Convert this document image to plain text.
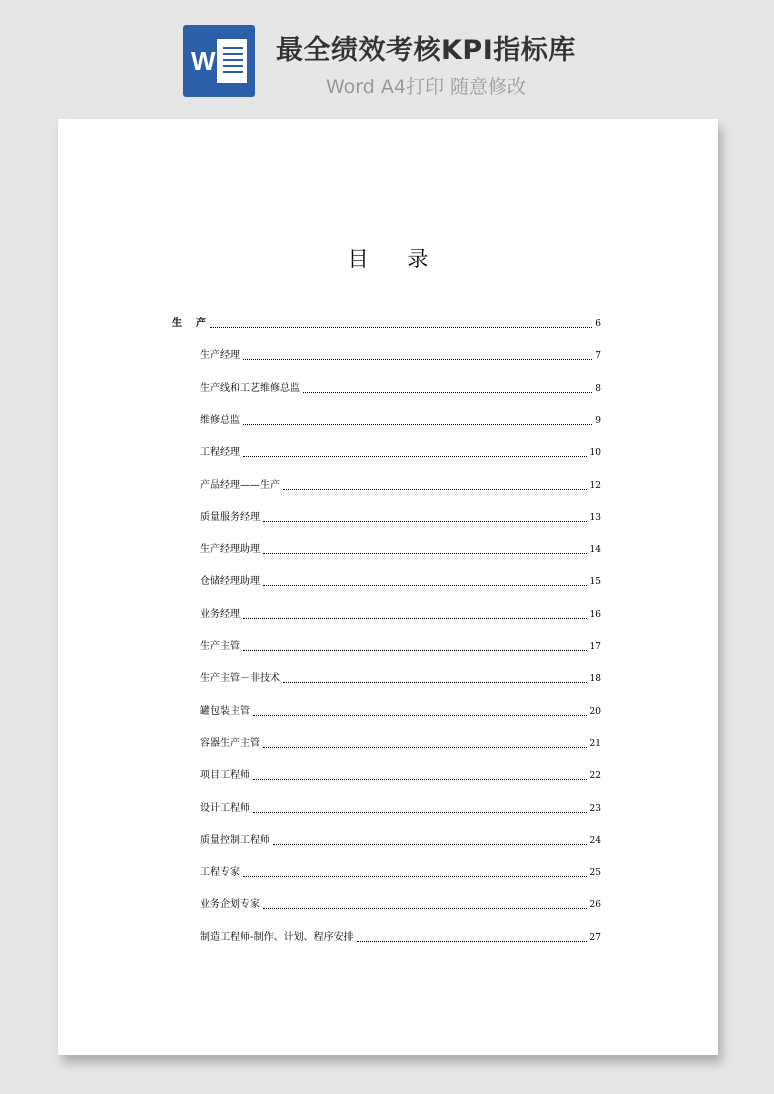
W 最全绩效考核KPI指标库

Word A4打印 随意修改

目 录
生产	6
生产经理	7
生产线和工艺维修总监	8
维修总监	9
工程经理	10
产品经理——生产	12
质量服务经理	13
生产经理助理	14
仓储经理助理	15
业务经理	16
生产主管	17
生产主管－非技术	18
罐包装主管	20
容器生产主管	21
项目工程师	22
设计工程师	23
质量控制工程师	24
工程专家	25
业务企划专家	26
制造工程师-制作、计划、程序安排	27
